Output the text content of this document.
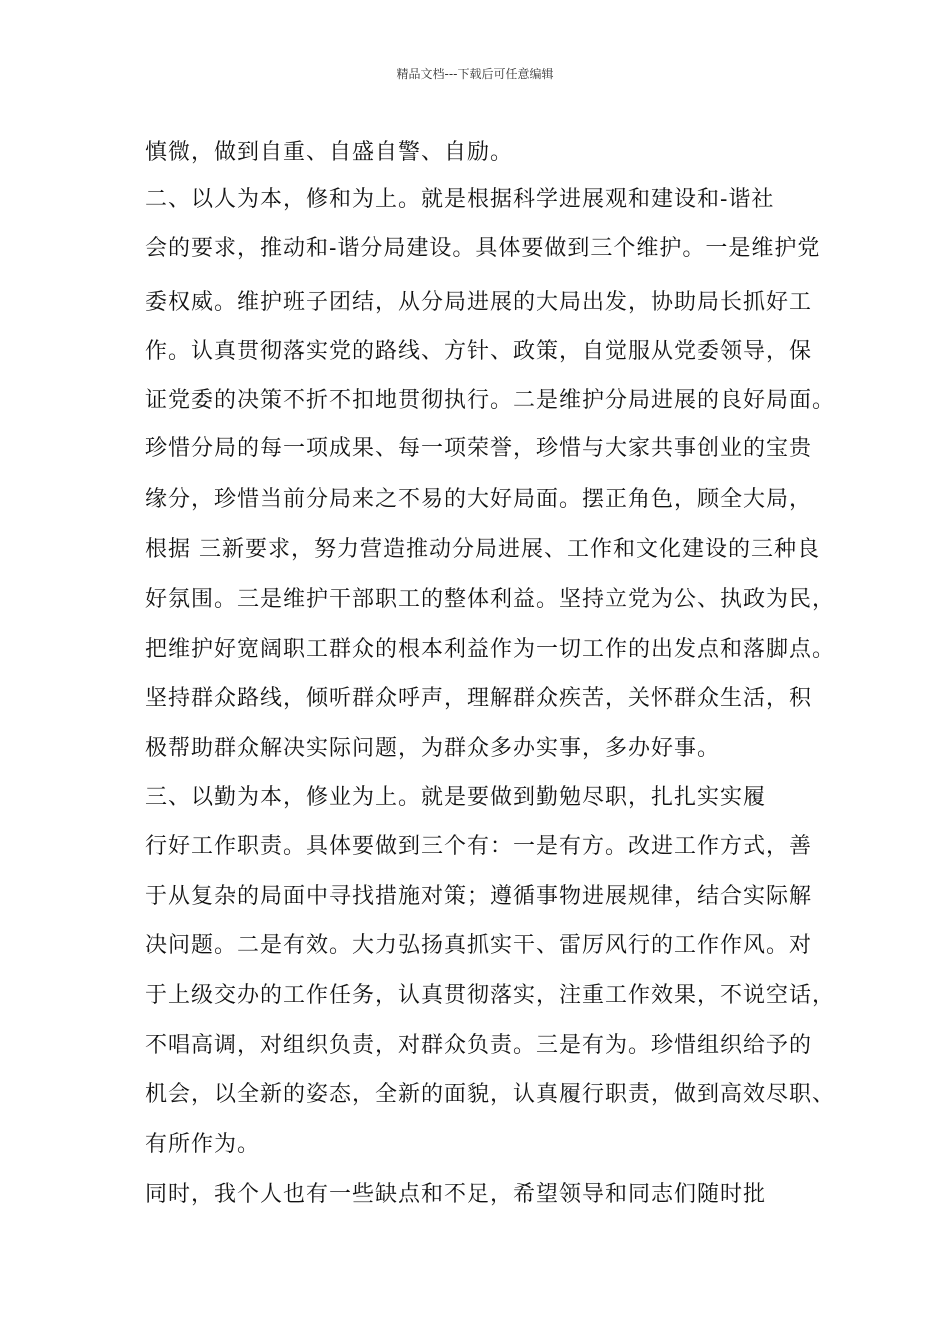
精品文档---下载后可任意编辑
慎微，做到自重、自盛自警、自励。
二、以人为本，修和为上。就是根据科学进展观和建设和-谐社
会的要求，推动和-谐分局建设。具体要做到三个维护。一是维护党
委权威。维护班子团结，从分局进展的大局出发，协助局长抓好工
作。认真贯彻落实党的路线、方针、政策，自觉服从党委领导，保
证党委的决策不折不扣地贯彻执行。二是维护分局进展的良好局面。
珍惜分局的每一项成果、每一项荣誉，珍惜与大家共事创业的宝贵
缘分，珍惜当前分局来之不易的大好局面。摆正角色，顾全大局，
根据 三新要求，努力营造推动分局进展、工作和文化建设的三种良
好氛围。三是维护干部职工的整体利益。坚持立党为公、执政为民，
把维护好宽阔职工群众的根本利益作为一切工作的出发点和落脚点。
坚持群众路线，倾听群众呼声，理解群众疾苦，关怀群众生活，积
极帮助群众解决实际问题，为群众多办实事，多办好事。
三、以勤为本，修业为上。就是要做到勤勉尽职，扎扎实实履
行好工作职责。具体要做到三个有：一是有方。改进工作方式，善
于从复杂的局面中寻找措施对策；遵循事物进展规律，结合实际解
决问题。二是有效。大力弘扬真抓实干、雷厉风行的工作作风。对
于上级交办的工作任务，认真贯彻落实，注重工作效果，不说空话，
不唱高调，对组织负责，对群众负责。三是有为。珍惜组织给予的
机会，以全新的姿态，全新的面貌，认真履行职责，做到高效尽职、
有所作为。
同时，我个人也有一些缺点和不足，希望领导和同志们随时批
